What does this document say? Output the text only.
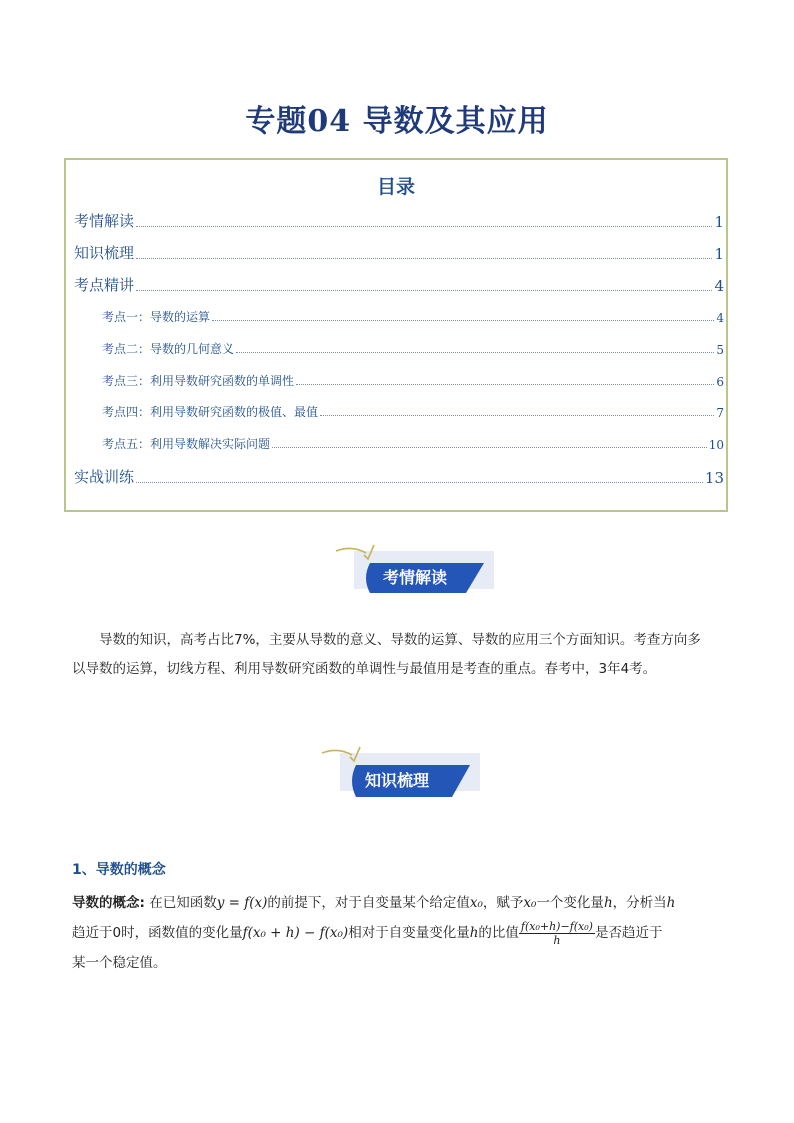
专题04 导数及其应用
目录
考情解读	1
知识梳理	1
考点精讲	4
考点一：导数的运算	4
考点二：导数的几何意义	5
考点三：利用导数研究函数的单调性	6
考点四：利用导数研究函数的极值、最值	7
考点五：利用导数解决实际问题	10
实战训练	13
考情解读
导数的知识，高考占比7%，主要从导数的意义、导数的运算、导数的应用三个方面知识。考查方向多
以导数的运算，切线方程、利用导数研究函数的单调性与最值用是考查的重点。春考中，3年4考。
知识梳理
1、导数的概念
导数的概念: 在已知函数y = f(x)的前提下，对于自变量某个给定值x₀，赋予x₀一个变化量h，分析当h
趋近于0时，函数值的变化量f(x₀ + h) − f(x₀)相对于自变量变化量h的比值 $\frac{\text{f(x₀+h)−f(x₀)}}{h}$ 是否趋近于
某一个稳定值。
